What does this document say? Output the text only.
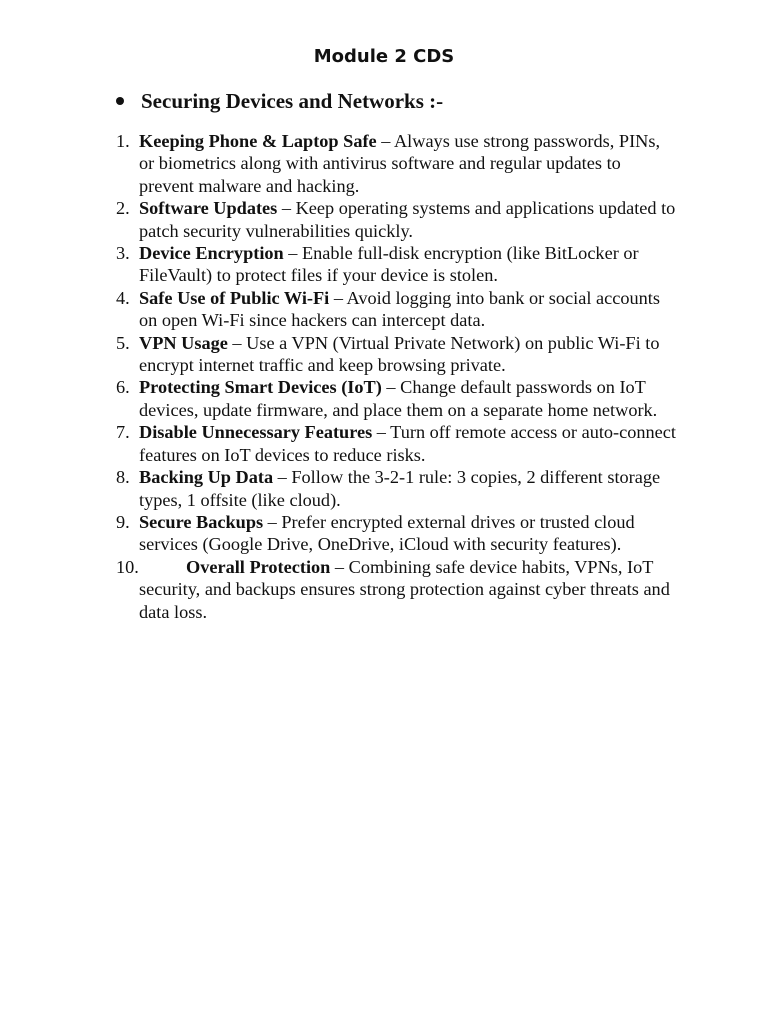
Module 2 CDS
Securing Devices and Networks :-
1. Keeping Phone & Laptop Safe – Always use strong passwords, PINs, or biometrics along with antivirus software and regular updates to prevent malware and hacking.
2. Software Updates – Keep operating systems and applications updated to patch security vulnerabilities quickly.
3. Device Encryption – Enable full-disk encryption (like BitLocker or FileVault) to protect files if your device is stolen.
4. Safe Use of Public Wi-Fi – Avoid logging into bank or social accounts on open Wi-Fi since hackers can intercept data.
5. VPN Usage – Use a VPN (Virtual Private Network) on public Wi-Fi to encrypt internet traffic and keep browsing private.
6. Protecting Smart Devices (IoT) – Change default passwords on IoT devices, update firmware, and place them on a separate home network.
7. Disable Unnecessary Features – Turn off remote access or auto-connect features on IoT devices to reduce risks.
8. Backing Up Data – Follow the 3-2-1 rule: 3 copies, 2 different storage types, 1 offsite (like cloud).
9. Secure Backups – Prefer encrypted external drives or trusted cloud services (Google Drive, OneDrive, iCloud with security features).
10.	Overall Protection – Combining safe device habits, VPNs, IoT security, and backups ensures strong protection against cyber threats and data loss.
